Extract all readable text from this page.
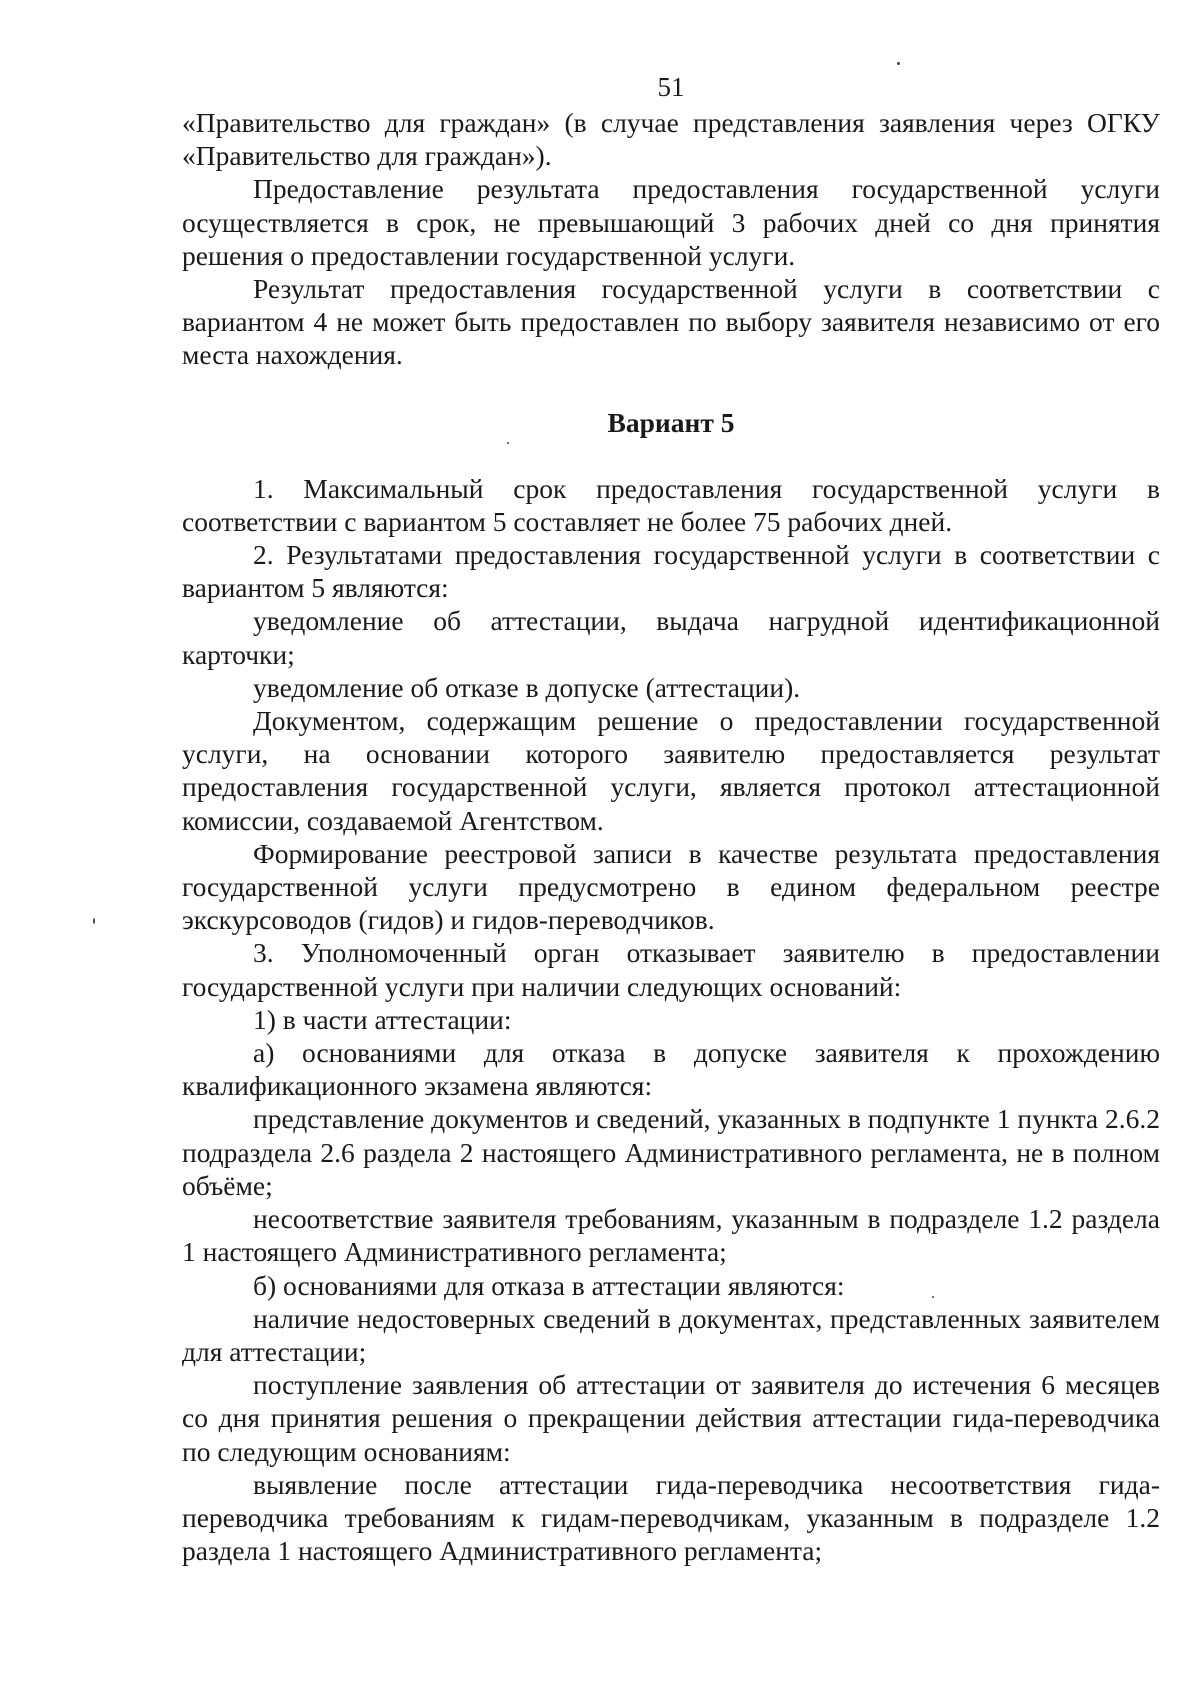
51

«Правительство для граждан» (в случае представления заявления через ОГКУ «Правительство для граждан»).

Предоставление результата предоставления государственной услуги осуществляется в срок, не превышающий 3 рабочих дней со дня принятия решения о предоставлении государственной услуги.

Результат предоставления государственной услуги в соответствии с вариантом 4 не может быть предоставлен по выбору заявителя независимо от его места нахождения.

Вариант 5

1. Максимальный срок предоставления государственной услуги в соответствии с вариантом 5 составляет не более 75 рабочих дней.

2. Результатами предоставления государственной услуги в соответствии с вариантом 5 являются:

уведомление об аттестации, выдача нагрудной идентификационной карточки;

уведомление об отказе в допуске (аттестации).

Документом, содержащим решение о предоставлении государственной услуги, на основании которого заявителю предоставляется результат предоставления государственной услуги, является протокол аттестационной комиссии, создаваемой Агентством.

Формирование реестровой записи в качестве результата предоставления государственной услуги предусмотрено в едином федеральном реестре экскурсоводов (гидов) и гидов-переводчиков.

3. Уполномоченный орган отказывает заявителю в предоставлении государственной услуги при наличии следующих оснований:

1) в части аттестации:

а) основаниями для отказа в допуске заявителя к прохождению квалификационного экзамена являются:

представление документов и сведений, указанных в подпункте 1 пункта 2.6.2 подраздела 2.6 раздела 2 настоящего Административного регламента, не в полном объёме;

несоответствие заявителя требованиям, указанным в подразделе 1.2 раздела 1 настоящего Административного регламента;

б) основаниями для отказа в аттестации являются:

наличие недостоверных сведений в документах, представленных заявителем для аттестации;

поступление заявления об аттестации от заявителя до истечения 6 месяцев со дня принятия решения о прекращении действия аттестации гида-переводчика по следующим основаниям:

выявление после аттестации гида-переводчика несоответствия гида-переводчика требованиям к гидам-переводчикам, указанным в подразделе 1.2 раздела 1 настоящего Административного регламента;
